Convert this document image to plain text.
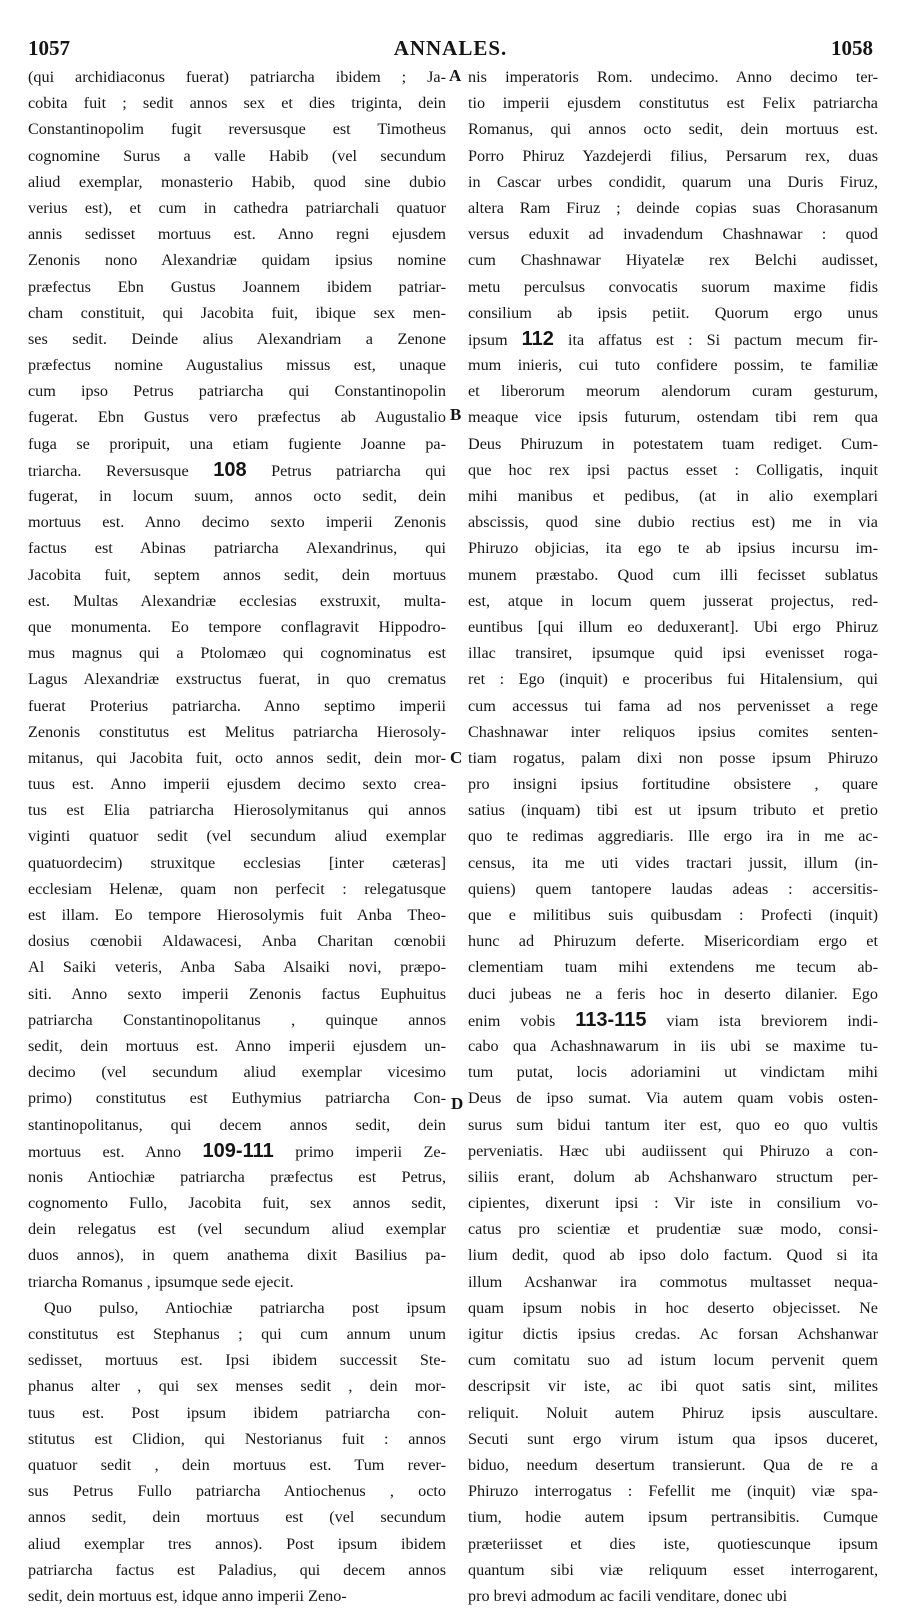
1057	ANNALES.	1058
(qui archidiaconus fuerat) patriarcha ibidem ; Ja-
cobita fuit ; sedit annos sex et dies triginta, dein
Constantinopolim fugit reversusque est Timotheus
cognomine Surus a valle Habib (vel secundum
aliud exemplar, monasterio Habib, quod sine dubio
verius est), et cum in cathedra patriarchali quatuor
annis sedisset mortuus est. Anno regni ejusdem
Zenonis nono Alexandriæ quidam ipsius nomine
præfectus Ebn Gustus Joannem ibidem patriar-
cham constituit, qui Jacobita fuit, ibique sex men-
ses sedit. Deinde alius Alexandriam a Zenone
præfectus nomine Augustalius missus est, unaque
cum ipso Petrus patriarcha qui Constantinopolin
fugerat. Ebn Gustus vero præfectus ab Augustalio
fuga se proripuit, una etiam fugiente Joanne pa-
triarcha. Reversusque 108 Petrus patriarcha qui
fugerat, in locum suum, annos octo sedit, dein
mortuus est. Anno decimo sexto imperii Zenonis
factus est Abinas patriarcha Alexandrinus, qui
Jacobita fuit, septem annos sedit, dein mortuus
est. Multas Alexandriæ ecclesias exstruxit, multa-
que monumenta. Eo tempore conflagravit Hippodro-
mus magnus qui a Ptolomæo qui cognominatus est
Lagus Alexandriæ exstructus fuerat, in quo crematus
fuerat Proterius patriarcha. Anno septimo imperii
Zenonis constitutus est Melitus patriarcha Hierosoly-
mitanus, qui Jacobita fuit, octo annos sedit, dein mor-
tuus est. Anno imperii ejusdem decimo sexto crea-
tus est Elia patriarcha Hierosolymitanus qui annos
viginti quatuor sedit (vel secundum aliud exemplar
quatuordecim) struxitque ecclesias [inter cæteras]
ecclesiam Helenæ, quam non perfecit : relegatusque
est illam. Eo tempore Hierosolymis fuit Anba Theo-
dosius cœnobii Aldawacesi, Anba Charitan cœnobii
Al Saiki veteris, Anba Saba Alsaiki novi, præpo-
siti. Anno sexto imperii Zenonis factus Euphuitus
patriarcha Constantinopolitanus , quinque annos
sedit, dein mortuus est. Anno imperii ejusdem un-
decimo (vel secundum aliud exemplar vicesimo
primo) constitutus est Euthymius patriarcha Con-
stantinopolitanus, qui decem annos sedit, dein
mortuus est. Anno 109-111 primo imperii Ze-
nonis Antiochiæ patriarcha præfectus est Petrus,
cognomento Fullo, Jacobita fuit, sex annos sedit,
dein relegatus est (vel secundum aliud exemplar
duos annos), in quem anathema dixit Basilius pa-
triarcha Romanus , ipsumque sede ejecit.
Quo pulso, Antiochiæ patriarcha post ipsum
constitutus est Stephanus ; qui cum annum unum
sedisset, mortuus est. Ipsi ibidem successit Ste-
phanus alter , qui sex menses sedit , dein mor-
tuus est. Post ipsum ibidem patriarcha con-
stitutus est Clidion, qui Nestorianus fuit : annos
quatuor sedit , dein mortuus est. Tum rever-
sus Petrus Fullo patriarcha Antiochenus , octo
annos sedit, dein mortuus est (vel secundum
aliud exemplar tres annos). Post ipsum ibidem
patriarcha factus est Paladius, qui decem annos
sedit, dein mortuus est, idque anno imperii Zeno-
A
B
C
D
nis imperatoris Rom. undecimo. Anno decimo ter-
tio imperii ejusdem constitutus est Felix patriarcha
Romanus, qui annos octo sedit, dein mortuus est.
Porro Phiruz Yazdejerdi filius, Persarum rex, duas
in Cascar urbes condidit, quarum una Duris Firuz,
altera Ram Firuz ; deinde copias suas Chorasanum
versus eduxit ad invadendum Chashnawar : quod
cum Chashnawar Hiyatelæ rex Belchi audisset,
metu perculsus convocatis suorum maxime fidis
consilium ab ipsis petiit. Quorum ergo unus
ipsum 112 ita affatus est : Si pactum mecum fir-
mum inieris, cui tuto confidere possim, te familiæ
et liberorum meorum alendorum curam gesturum,
meaque vice ipsis futurum, ostendam tibi rem qua
Deus Phiruzum in potestatem tuam rediget. Cum-
que hoc rex ipsi pactus esset : Colligatis, inquit
mihi manibus et pedibus, (at in alio exemplari
abscissis, quod sine dubio rectius est) me in via
Phiruzo objicias, ita ego te ab ipsius incursu im-
munem præstabo. Quod cum illi fecisset sublatus
est, atque in locum quem jusserat projectus, red-
euntibus [qui illum eo deduxerant]. Ubi ergo Phiruz
illac transiret, ipsumque quid ipsi evenisset roga-
ret : Ego (inquit) e proceribus fui Hitalensium, qui
cum accessus tui fama ad nos pervenisset a rege
Chashnawar inter reliquos ipsius comites senten-
tiam rogatus, palam dixi non posse ipsum Phiruzo
pro insigni ipsius fortitudine obsistere , quare
satius (inquam) tibi est ut ipsum tributo et pretio
quo te redimas aggrediaris. Ille ergo ira in me ac-
census, ita me uti vides tractari jussit, illum (in-
quiens) quem tantopere laudas adeas : accersitis-
que e militibus suis quibusdam : Profecti (inquit)
hunc ad Phiruzum deferte. Misericordiam ergo et
clementiam tuam mihi extendens me tecum ab-
duci jubeas ne a feris hoc in deserto dilanier. Ego
enim vobis 113-115 viam ista breviorem indi-
cabo qua Achashnawarum in iis ubi se maxime tu-
tum putat, locis adoriamini ut vindictam mihi
Deus de ipso sumat. Via autem quam vobis osten-
surus sum bidui tantum iter est, quo eo quo vultis
perveniatis. Hæc ubi audiissent qui Phiruzo a con-
siliis erant, dolum ab Achshanwaro structum per-
cipientes, dixerunt ipsi : Vir iste in consilium vo-
catus pro scientiæ et prudentiæ suæ modo, consi-
lium dedit, quod ab ipso dolo factum. Quod si ita
illum Acshanwar ira commotus multasset nequa-
quam ipsum nobis in hoc deserto objecisset. Ne
igitur dictis ipsius credas. Ac forsan Achshanwar
cum comitatu suo ad istum locum pervenit quem
descripsit vir iste, ac ibi quot satis sint, milites
reliquit. Noluit autem Phiruz ipsis auscultare.
Secuti sunt ergo virum istum qua ipsos duceret,
biduo, needum desertum transierunt. Qua de re a
Phiruzo interrogatus : Fefellit me (inquit) viæ spa-
tium, hodie autem ipsum pertransibitis. Cumque
præteriisset et dies iste, quotiescunque ipsum
quantum sibi viæ reliquum esset interrogarent,
pro brevi admodum ac facili venditare, donec ubi
